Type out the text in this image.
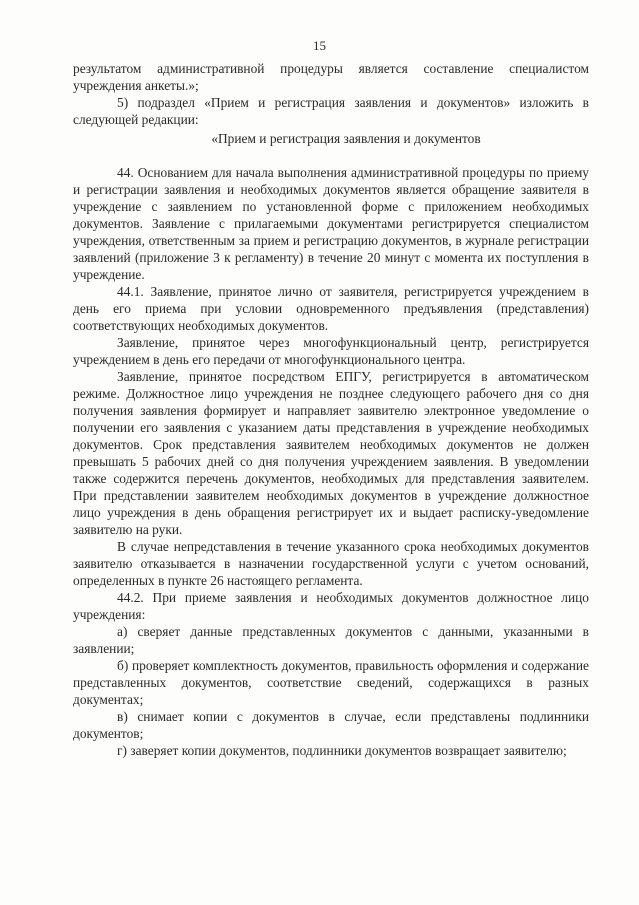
15

результатом административной процедуры является составление специалистом учреждения анкеты.»;

5) подраздел «Прием и регистрация заявления и документов» изложить в следующей редакции:

«Прием и регистрация заявления и документов

44. Основанием для начала выполнения административной процедуры по приему и регистрации заявления и необходимых документов является обращение заявителя в учреждение с заявлением по установленной форме с приложением необходимых документов. Заявление с прилагаемыми документами регистрируется специалистом учреждения, ответственным за прием и регистрацию документов, в журнале регистрации заявлений (приложение 3 к регламенту) в течение 20 минут с момента их поступления в учреждение.

44.1. Заявление, принятое лично от заявителя, регистрируется учреждением в день его приема при условии одновременного предъявления (представления) соответствующих необходимых документов.

Заявление, принятое через многофункциональный центр, регистрируется учреждением в день его передачи от многофункционального центра.

Заявление, принятое посредством ЕПГУ, регистрируется в автоматическом режиме. Должностное лицо учреждения не позднее следующего рабочего дня со дня получения заявления формирует и направляет заявителю электронное уведомление о получении его заявления с указанием даты представления в учреждение необходимых документов. Срок представления заявителем необходимых документов не должен превышать 5 рабочих дней со дня получения учреждением заявления. В уведомлении также содержится перечень документов, необходимых для представления заявителем. При представлении заявителем необходимых документов в учреждение должностное лицо учреждения в день обращения регистрирует их и выдает расписку-уведомление заявителю на руки.

В случае непредставления в течение указанного срока необходимых документов заявителю отказывается в назначении государственной услуги с учетом оснований, определенных в пункте 26 настоящего регламента.

44.2. При приеме заявления и необходимых документов должностное лицо учреждения:

а) сверяет данные представленных документов с данными, указанными в заявлении;

б) проверяет комплектность документов, правильность оформления и содержание представленных документов, соответствие сведений, содержащихся в разных документах;

в) снимает копии с документов в случае, если представлены подлинники документов;

г) заверяет копии документов, подлинники документов возвращает заявителю;
